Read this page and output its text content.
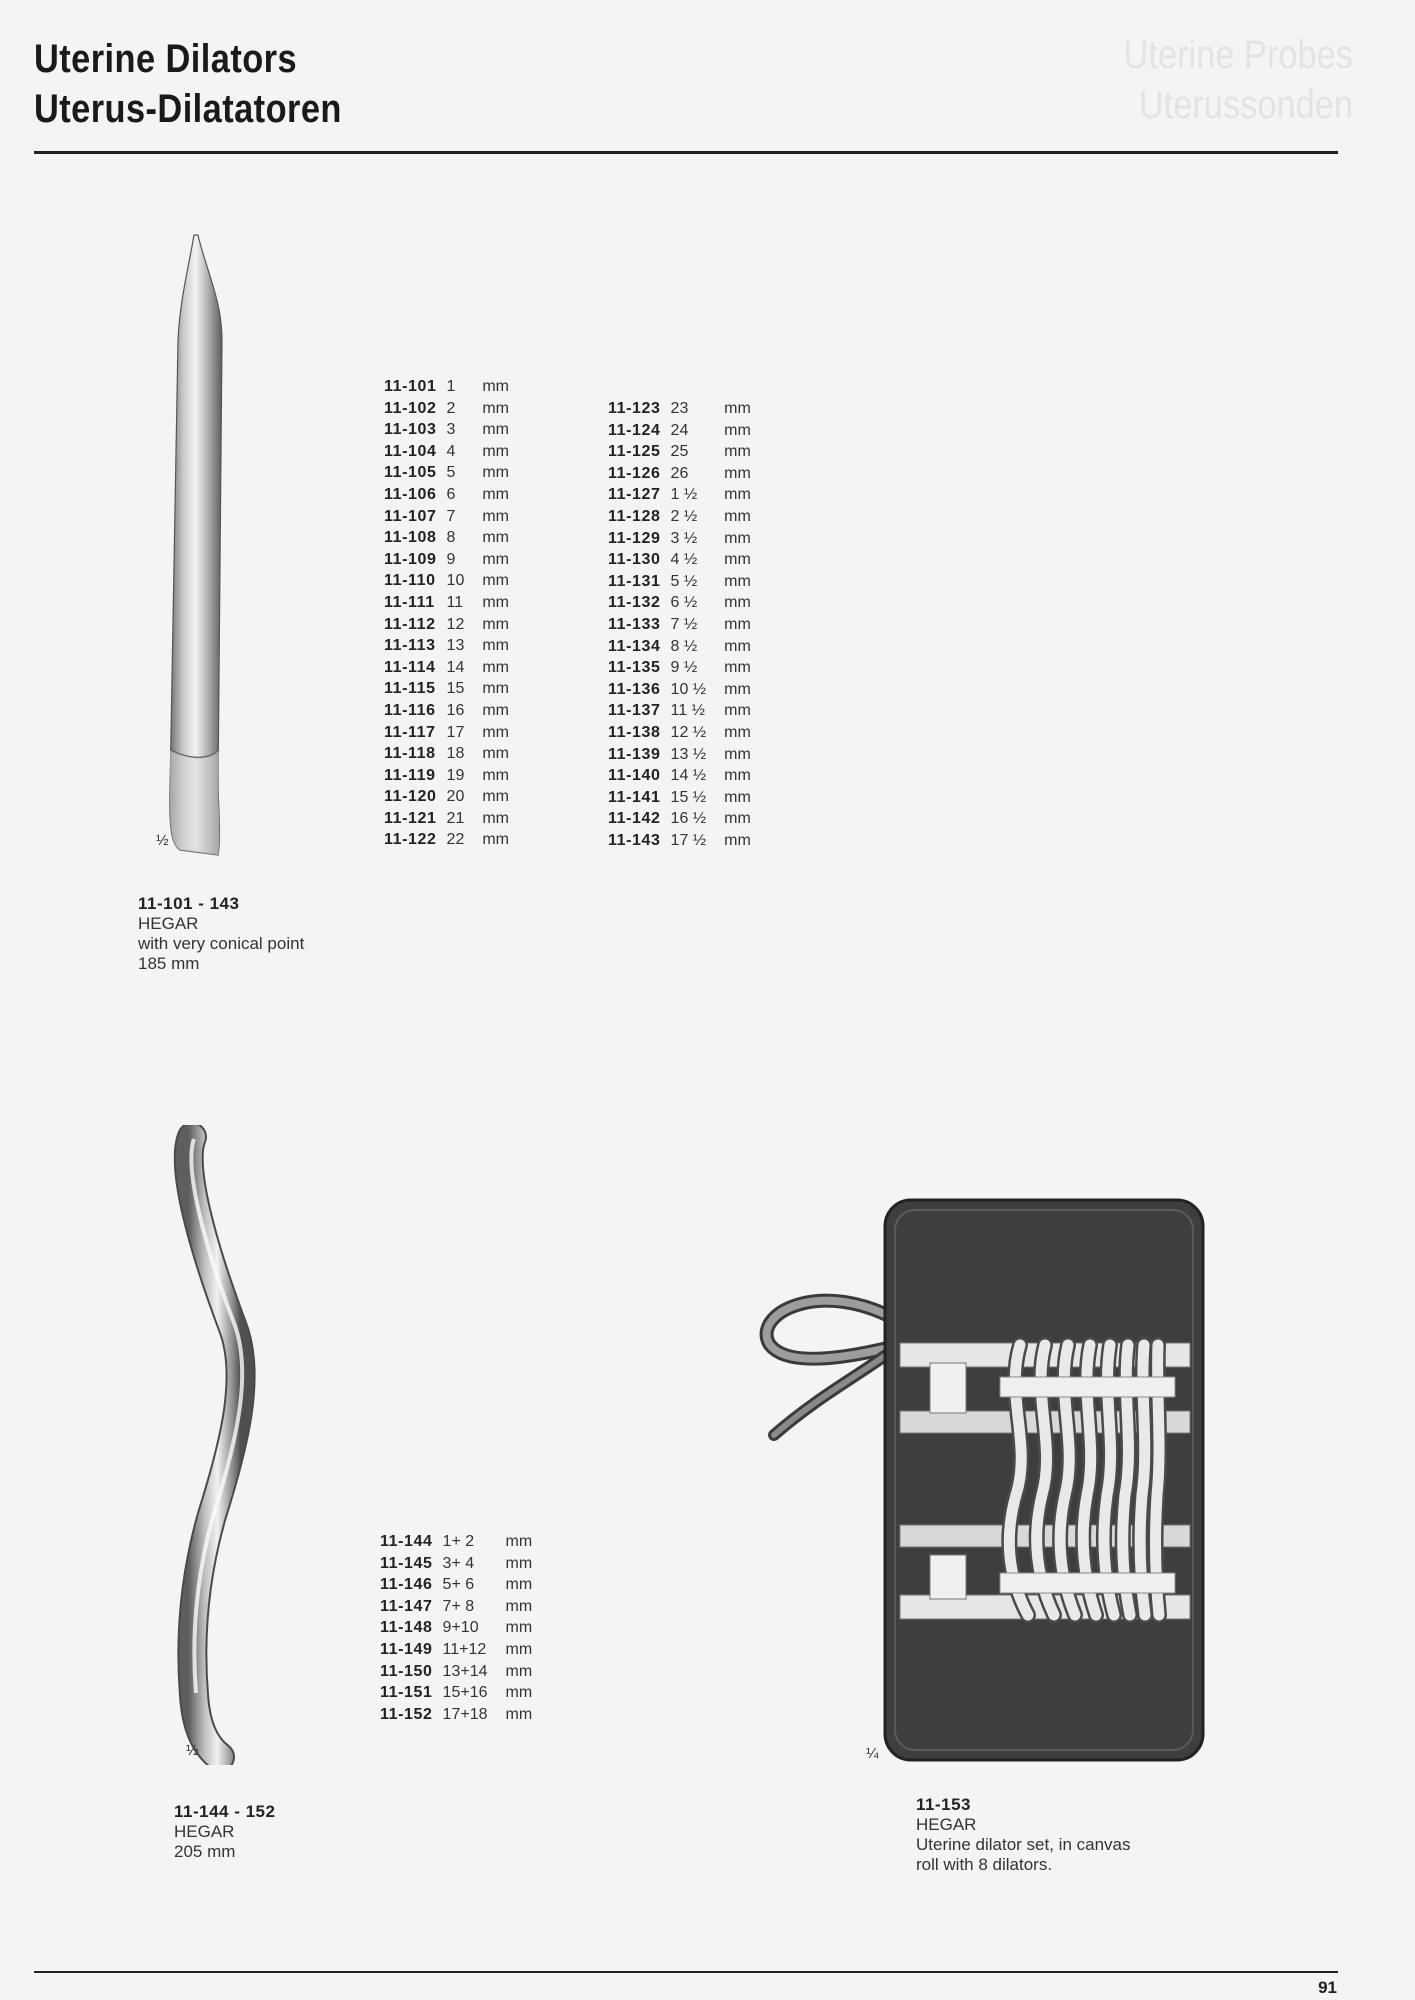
Uterine Probes
Uterussonden
Uterine Dilators
Uterus-Dilatatoren
½
11-101 - 143
HEGAR
with very conical point
185 mm
11-101	1	mm
11-102	2	mm
11-103	3	mm
11-104	4	mm
11-105	5	mm
11-106	6	mm
11-107	7	mm
11-108	8	mm
11-109	9	mm
11-110	10	mm
11-111	11	mm
11-112	12	mm
11-113	13	mm
11-114	14	mm
11-115	15	mm
11-116	16	mm
11-117	17	mm
11-118	18	mm
11-119	19	mm
11-120	20	mm
11-121	21	mm
11-122	22	mm
11-123	23	mm
11-124	24	mm
11-125	25	mm
11-126	26	mm
11-127	1 ½	mm
11-128	2 ½	mm
11-129	3 ½	mm
11-130	4 ½	mm
11-131	5 ½	mm
11-132	6 ½	mm
11-133	7 ½	mm
11-134	8 ½	mm
11-135	9 ½	mm
11-136	10 ½	mm
11-137	11 ½	mm
11-138	12 ½	mm
11-139	13 ½	mm
11-140	14 ½	mm
11-141	15 ½	mm
11-142	16 ½	mm
11-143	17 ½	mm
½
11-144 - 152
HEGAR
205 mm
11-144	1+ 2	mm
11-145	3+ 4	mm
11-146	5+ 6	mm
11-147	7+ 8	mm
11-148	9+10	mm
11-149	11+12	mm
11-150	13+14	mm
11-151	15+16	mm
11-152	17+18	mm
¼
11-153
HEGAR
Uterine dilator set, in canvas
roll with 8 dilators.
91
